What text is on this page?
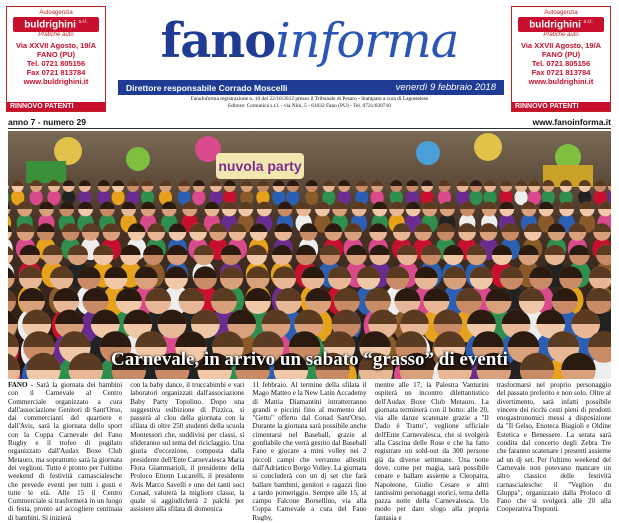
Autoagenzia
buldrighini $^{s.r.l.}$
Pratiche auto
Via XXVII Agosto, 19/A
FANO (PU)
Tel. 0721 805156
Fax 0721 813784
www.buldrighini.it
RINNOVO PATENTI
Autoagenzia
buldrighini $^{s.r.l.}$
Pratiche auto
Via XXVII Agosto, 19/A
FANO (PU)
Tel. 0721 805156
Fax 0721 813784
www.buldrighini.it
RINNOVO PATENTI
fanoinforma
Direttore responsabile Corrado Moscelli	venerdì 9 febbraio 2018
FanoInforma registrazione n. 10 del 22/10/2012 presso il Tribunale di Pesaro - Stampato a cura di Lagostelese
Editore: Comunica s.r.l. - via Nini, 5 - 61032 Fano (PU) - Tel. 0721/830710
anno 7 - numero 29	www.fanoinforma.it
nuvola party
Carnevale, in arrivo un sabato “grasso” di eventi
FANO - Sarà la giornata dei bambini con il Carnevale al Centro Commerciale organizzato a cura dall'associazione Genitori di Sant'Orso, dai commercianti del quartiere e dall'Avis, sarà la giornata dello sport con la Coppa Carnevale del Fano Rugby e il trofeo di pugilato organizzato dall'Audax Boxe Club Metauro, ma soprattutto sarà la giornata dei veglioni. Tutto è pronto per l'ultimo weekend di festività carnascialesche che prevede eventi per tutti i gusti e tutte le età. Alle 15 il Centro Commerciale si trasformerà in un luogo di festa, pronto ad accogliere centinaia di bambini. Si inizierà
con la baby dance, il truccabimbi e vari laboratori organizzati dall'associazione Baby Party Topolino. Dopo una suggestiva esibizione di Pizzica, si passerà al clou della giornata con la sfilata di oltre 250 studenti della scuola Montessori che, suddivisi per classi, si sfideranno sul tema del riciclaggio. Una giuria d'eccezione, composta dalla presidente dell'Ente Carnevalesca Maria Flora Giammarioli, il presidente della Proloco Etienn Lucarelli, il presidente Avis Marco Savelli e uno dei tanti soci Conad, valuterà la migliore classe, la quale si aggiudicherà 2 palchi per assistere alla sfilata di domenica
11 febbraio. Al termine della sfilata il Mago Matteo e la New Latin Accademy di Mattia Diamantini intratterranno grandi e piccini fino al momento del "Getto" offerto dal Conad Sant'Orso. Durante la giornata sarà possibile anche cimentarsi nel Baseball, grazie al gonfiabile che verrà gestito dal Baseball Fano e giocare a mini volley nei 2 piccoli campi che verranno allestiti dall'Adriatico Borgo Volley. La giornata si concluderà con un dj set che farà ballare bambini, genitori e ragazzi fino a tardo pomeriggio. Sempre alle 15, al campo Falcone Borsellino, via alla Coppa Carnevale a cura del Fano Rugby,
mentre alle 17, la Palestra Vanturini ospiterà un incontro dilettantistico dell'Audax Boxe Club Metauro. La giornata terminerà con il botto: alle 20, via alle danze scatenate grazie a "Il Dado è Tratto", veglione ufficiale dell'Ente Carnevalesca, che si svolgerà alla Cascina delle Rose e che ha fatto registrare un sold-out da 300 persone già da diverse settimane. Una notte dove, come per magia, sarà possibile cenare e ballare assieme a Cleopatra, Napoleone, Giulio Cesare e altri tantissimi personaggi storici, tema della pazza notte della Carnevalesca. Un modo per dare sfogo alla propria fantasia e
trasformarsi nel proprio personaggio del passato preferito e non solo. Oltre al divertimento, sarà infatti possibile vincere dei ricchi cesti pieni di prodotti enogastronomici messi a disposizione da "Il Gelso, Enoteca Biagioli e Oldine Estetica e Benessere. La serata sarà condita dal concerto degli Zebra Tre che faranno scatenare i presenti assieme ad un dj set. Per l'ultimo weekend del Carnevale non potevano mancare un altro classico delle festività carnascialesche: il "Veglion du Gluppa", organizzato dalla Proloco di Fano che si svolgerà alle 20 alla Cooperativa Treponti.
